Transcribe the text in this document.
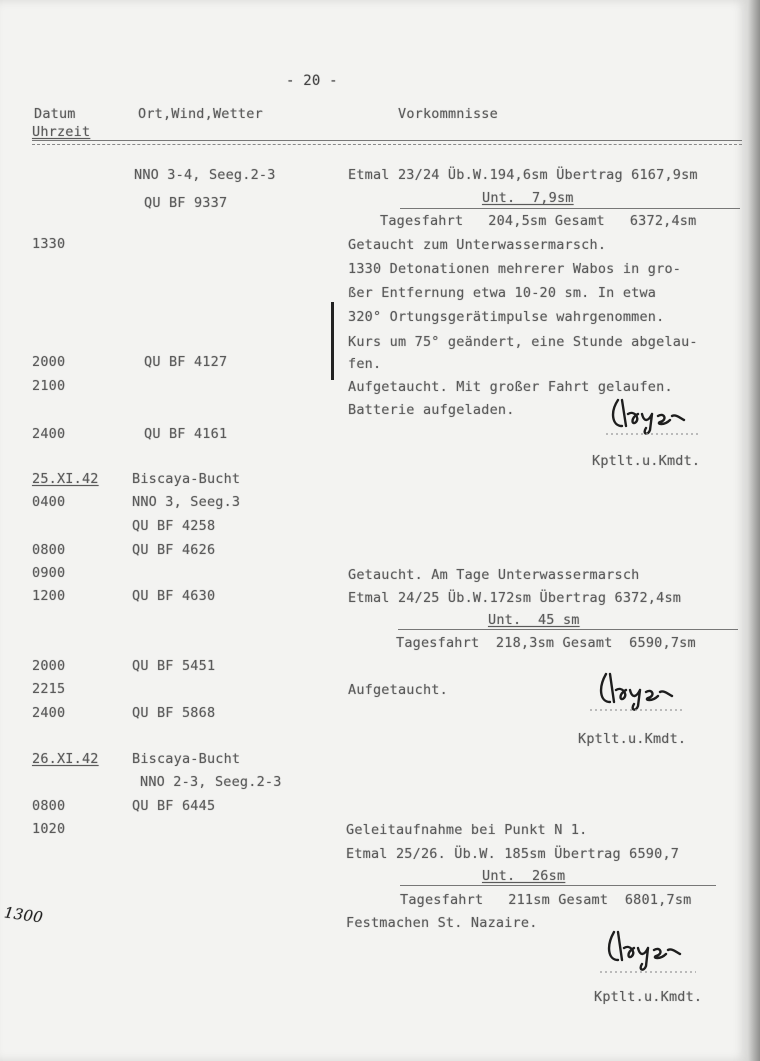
- 20 -
Datum
Uhrzeit
Ort,Wind,Wetter	Vorkommnisse
1330
2000
2100
2400
25.XI.42
0400
0800
0900
1200
2000
2215
2400
26.XI.42
0800
1020
NNO 3-4, Seeg.2-3
QU BF 9337
QU BF 4127
QU BF 4161
Biscaya-Bucht
NNO 3, Seeg.3
QU BF 4258
QU BF 4626
QU BF 4630
QU BF 5451
QU BF 5868
Biscaya-Bucht
NNO 2-3, Seeg.2-3
QU BF 6445
Etmal 23/24 Üb.W.194,6sm Übertrag 6167,9sm
Unt.  7,9sm
Tagesfahrt   204,5sm Gesamt   6372,4sm
Getaucht zum Unterwassermarsch.
1330 Detonationen mehrerer Wabos in gro-
ßer Entfernung etwa 10-20 sm. In etwa
320° Ortungsgerätimpulse wahrgenommen.
Kurs um 75° geändert, eine Stunde abgelau-
fen.
Aufgetaucht. Mit großer Fahrt gelaufen.
Batterie aufgeladen.
Kptlt.u.Kmdt.
Getaucht. Am Tage Unterwassermarsch
Etmal 24/25 Üb.W.172sm Übertrag 6372,4sm
Unt.  45 sm
Tagesfahrt  218,3sm Gesamt  6590,7sm
Aufgetaucht.
Kptlt.u.Kmdt.
Geleitaufnahme bei Punkt N 1.
Etmal 25/26. Üb.W. 185sm Übertrag 6590,7
Unt.  26sm
Tagesfahrt   211sm Gesamt  6801,7sm
Festmachen St. Nazaire.
Kptlt.u.Kmdt.
1300
